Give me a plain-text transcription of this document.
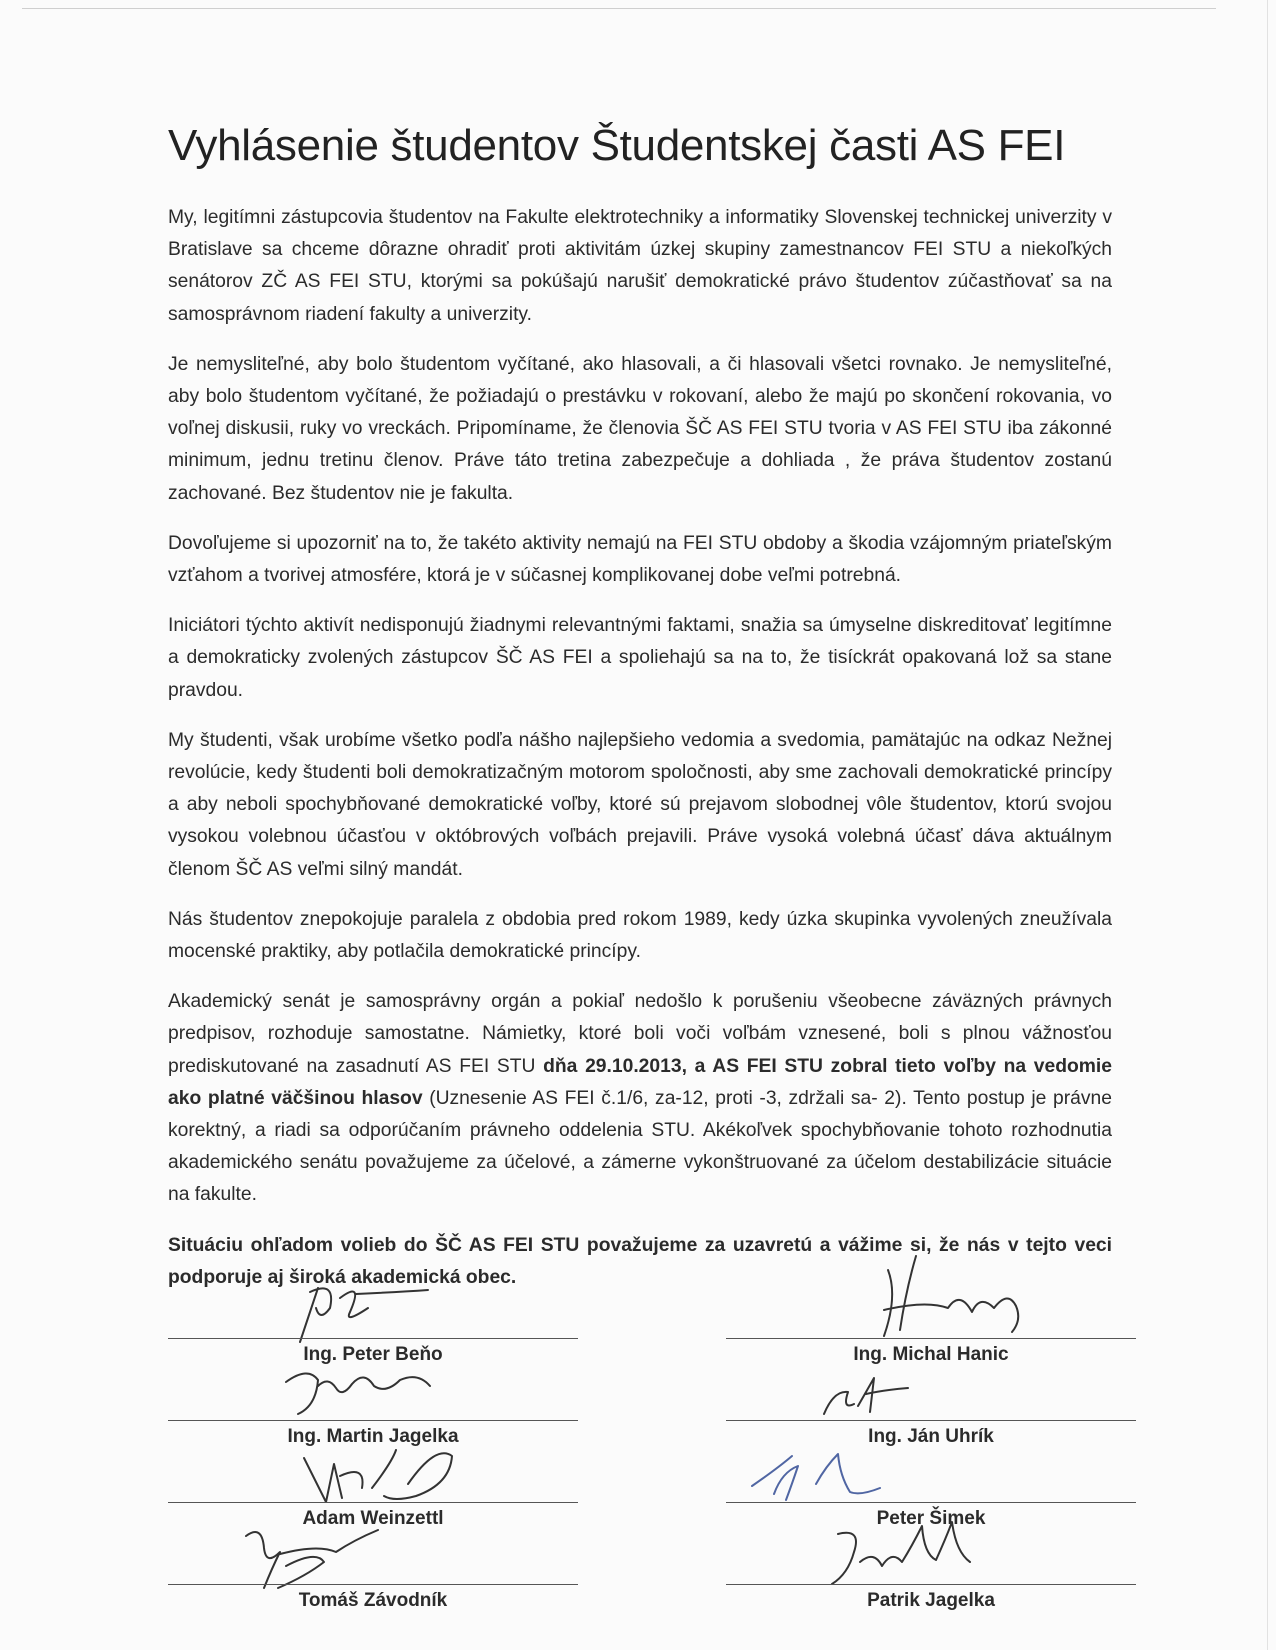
Vyhlásenie študentov Študentskej časti AS FEI

My, legitímni zástupcovia študentov na Fakulte elektrotechniky a informatiky Slovenskej technickej univerzity v Bratislave sa chceme dôrazne ohradiť proti aktivitám úzkej skupiny zamestnancov FEI STU a niekoľkých senátorov ZČ AS FEI STU, ktorými sa pokúšajú narušiť demokratické právo študentov zúčastňovať sa na samosprávnom riadení fakulty a univerzity.

Je nemysliteľné, aby bolo študentom vyčítané, ako hlasovali, a či hlasovali všetci rovnako. Je nemysliteľné, aby bolo študentom vyčítané, že požiadajú o prestávku v rokovaní, alebo že majú po skončení rokovania, vo voľnej diskusii, ruky vo vreckách. Pripomíname, že členovia ŠČ AS FEI STU tvoria v AS FEI STU iba zákonné minimum, jednu tretinu členov. Práve táto tretina zabezpečuje a dohliada , že práva študentov zostanú zachované. Bez študentov nie je fakulta.

Dovoľujeme si upozorniť na to, že takéto aktivity nemajú na FEI STU obdoby a škodia vzájomným priateľským vzťahom a tvorivej atmosfére, ktorá je v súčasnej komplikovanej dobe veľmi potrebná.

Iniciátori týchto aktivít nedisponujú žiadnymi relevantnými faktami, snažia sa úmyselne diskreditovať legitímne a demokraticky zvolených zástupcov ŠČ AS FEI a spoliehajú sa na to, že tisíckrát opakovaná lož sa stane pravdou.

My študenti, však urobíme všetko podľa nášho najlepšieho vedomia a svedomia, pamätajúc na odkaz Nežnej revolúcie, kedy študenti boli demokratizačným motorom spoločnosti, aby sme zachovali demokratické princípy a aby neboli spochybňované demokratické voľby, ktoré sú prejavom slobodnej vôle študentov, ktorú svojou vysokou volebnou účasťou v októbrových voľbách prejavili. Práve vysoká volebná účasť dáva aktuálnym členom ŠČ AS veľmi silný mandát.

Nás študentov znepokojuje paralela z obdobia pred rokom 1989, kedy úzka skupinka vyvolených zneužívala mocenské praktiky, aby potlačila demokratické princípy.

Akademický senát je samosprávny orgán a pokiaľ nedošlo k porušeniu všeobecne záväzných právnych predpisov, rozhoduje samostatne. Námietky, ktoré boli voči voľbám vznesené, boli s plnou vážnosťou prediskutované na zasadnutí AS FEI STU dňa 29.10.2013, a AS FEI STU zobral tieto voľby na vedomie ako platné väčšinou hlasov (Uznesenie AS FEI č.1/6, za-12, proti -3, zdržali sa- 2). Tento postup je právne korektný, a riadi sa odporúčaním právneho oddelenia STU. Akékoľvek spochybňovanie tohoto rozhodnutia akademického senátu považujeme za účelové, a zámerne vykonštruované za účelom destabilizácie situácie na fakulte.

Situáciu ohľadom volieb do ŠČ AS FEI STU považujeme za uzavretú a vážime si, že nás v tejto veci podporuje aj široká akademická obec.

Ing. Peter Beňo
Ing. Martin Jagelka
Adam Weinzettl
Tomáš Závodník
Ing. Michal Hanic
Ing. Ján Uhrík
Peter Šimek
Patrik Jagelka
